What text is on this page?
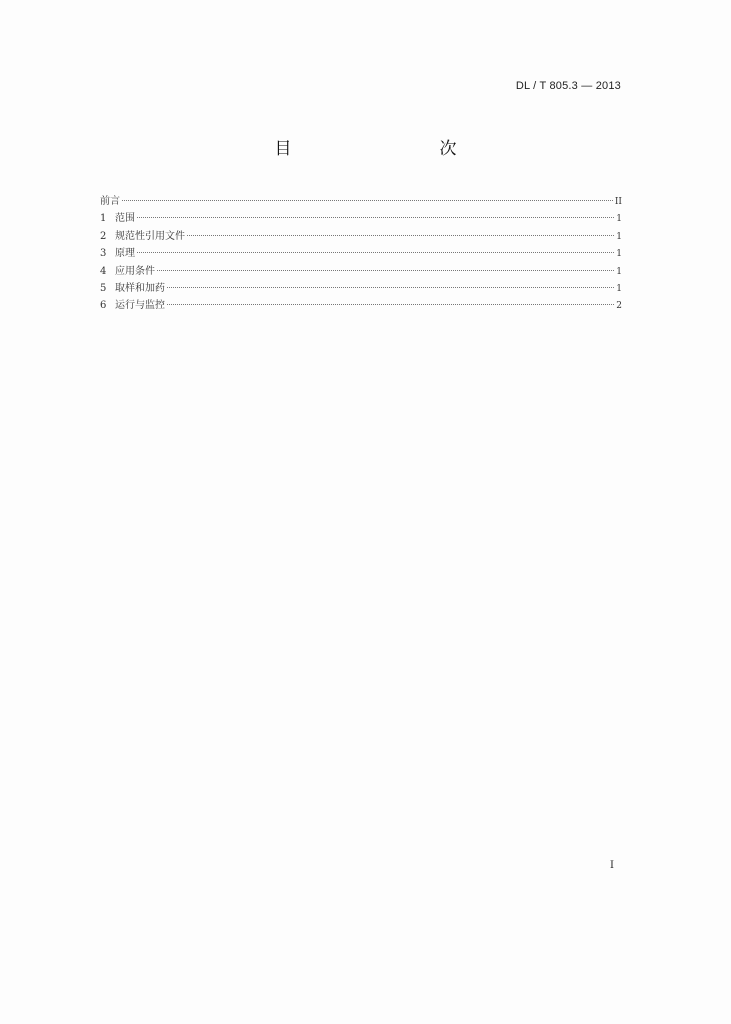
DL / T 805.3 — 2013
目　　次
前言	II
1 范围	1
2 规范性引用文件	1
3 原理	1
4 应用条件	1
5 取样和加药	1
6 运行与监控	2
I
